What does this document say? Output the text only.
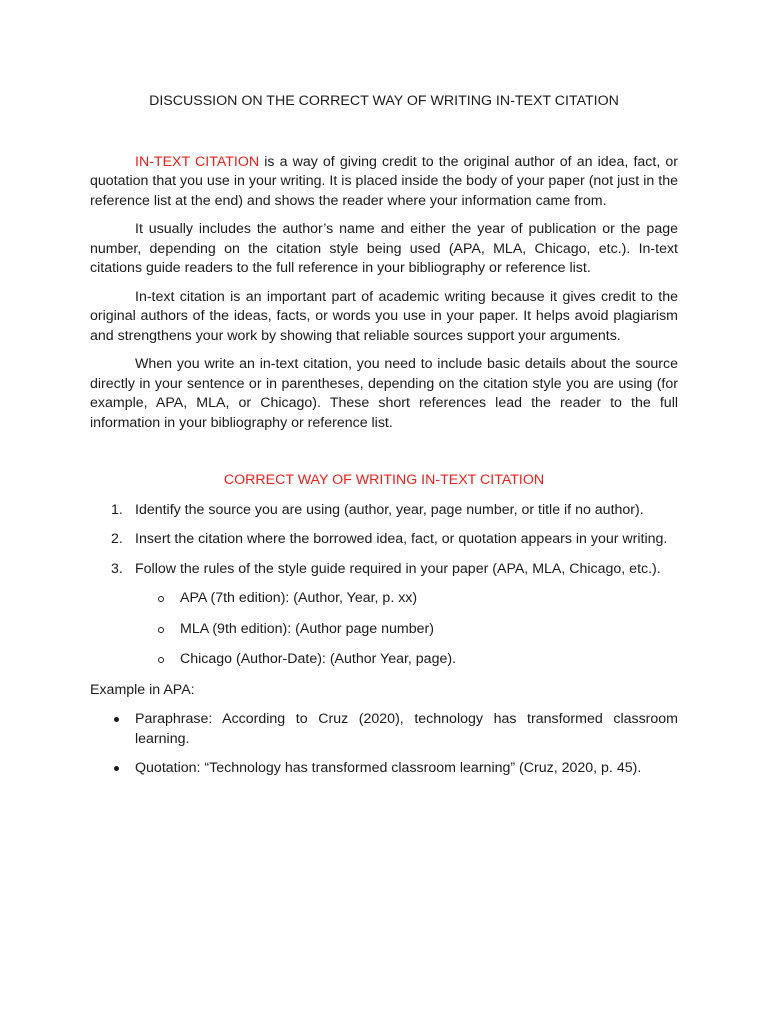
DISCUSSION ON THE CORRECT WAY OF WRITING IN-TEXT CITATION

IN-TEXT CITATION is a way of giving credit to the original author of an idea, fact, or quotation that you use in your writing. It is placed inside the body of your paper (not just in the reference list at the end) and shows the reader where your information came from.

It usually includes the author’s name and either the year of publication or the page number, depending on the citation style being used (APA, MLA, Chicago, etc.). In-text citations guide readers to the full reference in your bibliography or reference list.

In-text citation is an important part of academic writing because it gives credit to the original authors of the ideas, facts, or words you use in your paper. It helps avoid plagiarism and strengthens your work by showing that reliable sources support your arguments.

When you write an in-text citation, you need to include basic details about the source directly in your sentence or in parentheses, depending on the citation style you are using (for example, APA, MLA, or Chicago). These short references lead the reader to the full information in your bibliography or reference list.

CORRECT WAY OF WRITING IN-TEXT CITATION
1. Identify the source you are using (author, year, page number, or title if no author).
2. Insert the citation where the borrowed idea, fact, or quotation appears in your writing.
3. Follow the rules of the style guide required in your paper (APA, MLA, Chicago, etc.).
APA (7th edition): (Author, Year, p. xx)
MLA (9th edition): (Author page number)
Chicago (Author-Date): (Author Year, page).

Example in APA:

Paraphrase: According to Cruz (2020), technology has transformed classroom learning.
Quotation: “Technology has transformed classroom learning” (Cruz, 2020, p. 45).
